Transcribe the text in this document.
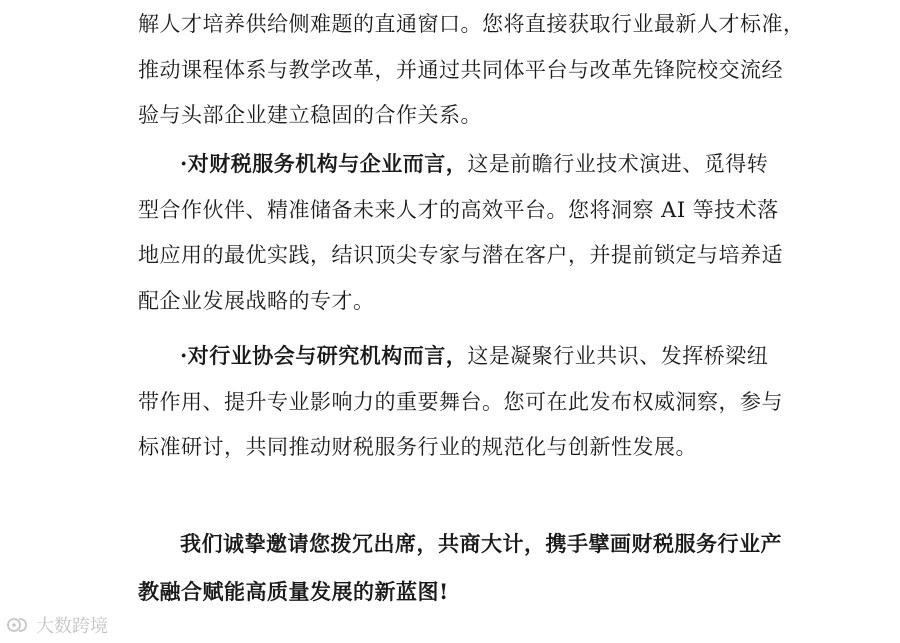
解人才培养供给侧难题的直通窗口。您将直接获取行业最新人才标准，
推动课程体系与教学改革，并通过共同体平台与改革先锋院校交流经
验与头部企业建立稳固的合作关系。

·对财税服务机构与企业而言，这是前瞻行业技术演进、觅得转
型合作伙伴、精准储备未来人才的高效平台。您将洞察 AI 等技术落
地应用的最优实践，结识顶尖专家与潜在客户，并提前锁定与培养适
配企业发展战略的专才。

·对行业协会与研究机构而言，这是凝聚行业共识、发挥桥梁纽
带作用、提升专业影响力的重要舞台。您可在此发布权威洞察，参与
标准研讨，共同推动财税服务行业的规范化与创新性发展。

我们诚挚邀请您拨冗出席，共商大计，携手擘画财税服务行业产
教融合赋能高质量发展的新蓝图!

大数跨境
